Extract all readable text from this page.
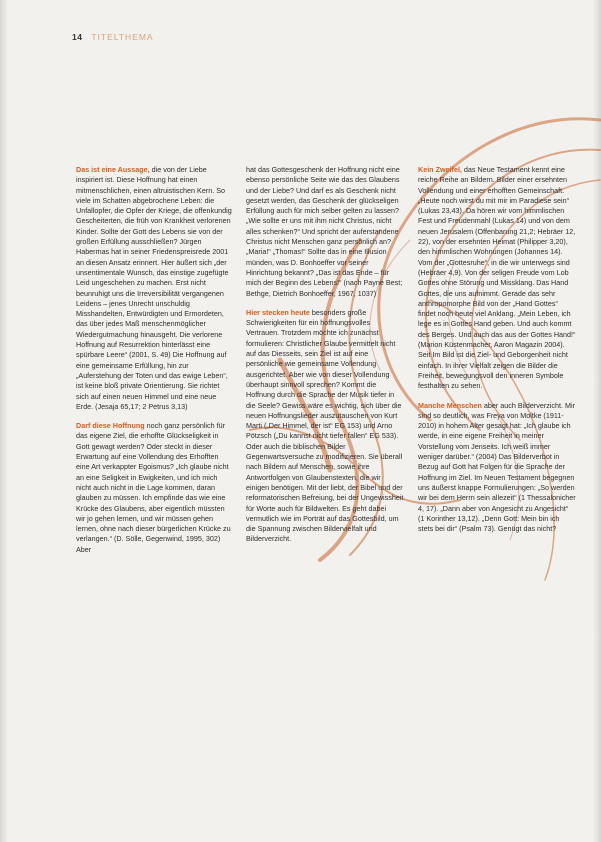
14 TITELTHEMA

Das ist eine Aussage, die von der Liebe inspiriert ist. Diese Hoffnung hat einen mitmenschlichen, einen altruistischen Kern. So viele im Schatten abgebrochene Leben: die Unfallopfer, die Opfer der Kriege, die offenkundig Gescheiterten, die früh von Krankheit verlorenen Kinder. Sollte der Gott des Lebens sie von der großen Erfüllung ausschließen? Jürgen Habermas hat in seiner Friedenspreisrede 2001 an diesen Ansatz erinnert. Hier äußert sich „der unsentimentale Wunsch, das einstige zugefügte Leid ungeschehen zu machen. Erst nicht beunruhigt uns die Irreversibilität vergangenen Leidens – jenes Unrecht unschuldig Misshandelten, Entwürdigten und Ermordeten, das über jedes Maß menschenmöglicher Wiedergutmachung hinausgeht. Die verlorene Hoffnung auf Resurrektion hinterlässt eine spürbare Leere“ (2001, S. 49) Die Hoffnung auf eine gemeinsame Erfüllung, hin zur „Auferstehung der Toten und das ewige Leben“, ist keine bloß private Orientierung. Sie richtet sich auf einen neuen Himmel und eine neue Erde. (Jesaja 65,17; 2 Petrus 3,13)

Darf diese Hoffnung noch ganz persönlich für das eigene Ziel, die erhoffte Glückseligkeit in Gott gewagt werden? Oder steckt in dieser Erwartung auf eine Vollendung des Erhofften eine Art verkappter Egoismus? „Ich glaube nicht an eine Seligkeit in Ewigkeiten, und ich mich nicht auch nicht in die Lage kommen, daran glauben zu müssen. Ich empfinde das wie eine Krücke des Glaubens, aber eigentlich müssten wir jo gehen lernen, und wir müssen gehen lernen, ohne nach dieser bürgerlichen Krücke zu verlangen.“ (D. Sölle, Gegenwind, 1995, 302) Aber

hat das Gottesgeschenk der Hoffnung nicht eine ebenso persönliche Seite wie das des Glaubens und der Liebe? Und darf es als Geschenk nicht gesetzt werden, das Geschenk der glückseligen Erfüllung auch für mich selber gelten zu lassen? „Wie sollte er uns mit ihm nicht Christus, nicht alles schenken?“ Und spricht der auferstandene Christus nicht Menschen ganz persönlich an? „Maria!“ „Thomas!“ Sollte das in eine Illusion münden, was D. Bonhoeffer vor seiner Hinrichtung bekannt? „Das ist das Ende – für mich der Beginn des Lebens!“ (nach Payne Best; Bethge, Dietrich Bonhoeffer, 1967, 1037)

Hier stecken heute besonders große Schwierigkeiten für ein hoffnungsvolles Vertrauen. Trotzdem möchte ich zunächst formulieren: Christlicher Glaube vermittelt nicht auf das Diesseits, sein Ziel ist auf eine persönliche wie gemeinsame Vollendung ausgerichtet. Aber wie von dieser Vollendung überhaupt sinnvoll sprechen? Kommt die Hoffnung durch die Sprache der Musik tiefer in die Seele? Gewiss wäre es wichtig, sich über die neuen Hoffnungslieder auszutauschen von Kurt Marti („Der Himmel, der ist“ EG 153) und Arno Pötzsch („Du kannst nicht tiefer fallen“ EG 533). Oder auch die biblischen Bilder Gegenwartsversuche zu modifizieren. Sie überall nach Bildern auf Menschen, sowie ihre Antwortfolgen von Glaubenstexten, die wir einigen benötigen. Mit der liebt, der Bibel und der reformatorischen Befreiung, bei der Ungewissheit für Worte auch für Bildwelten. Es geht dabei vermutlich wie im Porträt auf das Gottesbild, um die Spannung zwischen Bildervielfalt und Bilderverzicht.

Kein Zweifel, das Neue Testament kennt eine reiche Reihe an Bildern. Bilder einer ersehnten Vollendung und einer erhofften Gemeinschaft. „Heute noch wirst du mit mir im Paradiese sein“ (Lukas 23,43). Da hören wir vom himmlischen Fest und Freudenmahl (Lukas 14) und von dem neuen Jerusalem (Offenbarung 21,2; Hebräer 12, 22), von der ersehnten Heimat (Philipper 3,20), den himmlischen Wohnungen (Johannes 14). Vom der „Gottesruhe“, in die wir unterwegs sind (Hebräer 4,9). Von der seligen Freude vom Lob Gottes ohne Störung und Missklang. Das Hand Gottes, die uns aufnimmt. Gerade das sehr anthropomorphe Bild von der „Hand Gottes“ findet noch heute viel Anklang. „Mein Leben, ich lege es in Gottes Hand geben. Und auch kommt des Berges. Und auch das aus der Gottes Hand!“ (Marion Küstenmacher, Aaron Magazin 2004). Seit Im Bild ist die Ziel- und Geborgenheit nicht einfach. In ihrer Vielfalt zeigen die Bilder die Freiheit, bewegungsvoll den inneren Symbole festhalten zu sehen.

Manche Menschen aber auch Bilderverzicht. Mir sind so deutlich, was Freya von Moltke (1911-2010) in hohem Alter gesagt hat: „Ich glaube ich werde, in eine eigene Freiheit in meiner Vorstellung vom Jenseits. Ich weiß immer weniger darüber.“ (2004) Das Bilderverbot in Bezug auf Gott hat Folgen für die Sprache der Hoffnung im Ziel. Im Neuen Testament begegnen uns äußerst knappe Formulierungen: „So werden wir bei dem Herrn sein allezeit“ (1 Thessalonicher 4, 17). „Dann aber von Angesicht zu Angesicht“ (1 Korinther 13,12). „Denn Gott: Mein bin ich stets bei dir“ (Psalm 73). Genügt das nicht?
